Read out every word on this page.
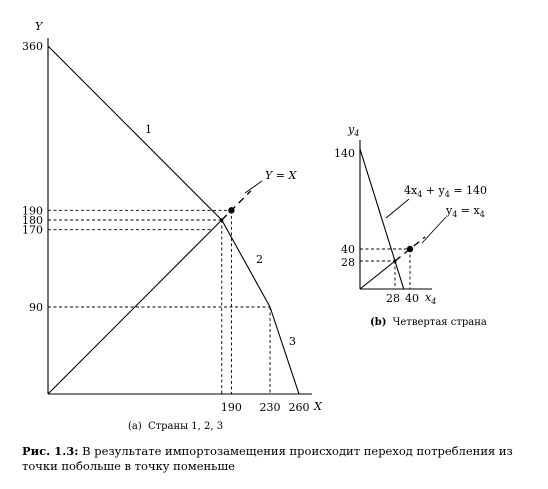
90
170
180
190
360
190 230 260
28
40
140
28 40
Y
X
Y = X
1
2
3
(a) Страны 1, 2, 3
$y_4$
$x_4$
$4x_4 + y_4 = 140$
$y_4 = x_4$
(b) Четвертая страна
Рис. 1.3: В результате импортозамещения происходит переход потребления из точки побольше в точку поменьше
